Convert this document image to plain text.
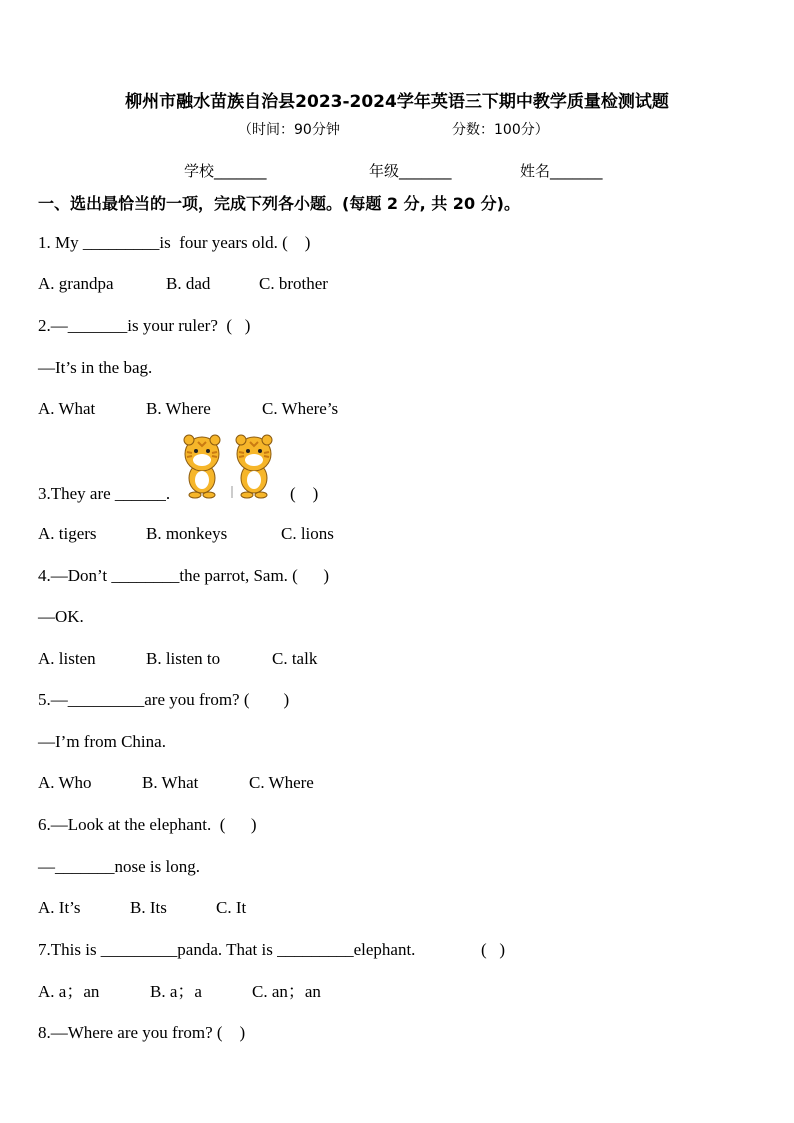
柳州市融水苗族自治县2023-2024学年英语三下期中教学质量检测试题
（时间：90分钟	分数：100分）
学校_______	年级_______	姓名_______
一、选出最恰当的一项，完成下列各小题。(每题 2 分, 共 20 分)。
1. My _________is  four years old. (    )
A. grandpa	B. dad	C. brother
2.—_______is your ruler?  (   )
—It’s in the bag.
A. What	B. Where	C. Where’s
3.They are ______.	(    )
A. tigers	B. monkeys	C. lions
4.—Don’t ________the parrot, Sam. (      )
—OK.
A. listen	B. listen to	C. talk
5.—_________are you from? (        )
—I’m from China.
A. Who	B. What	C. Where
6.—Look at the elephant.  (      )
—_______nose is long.
A. It’s	B. Its	C. It
7.This is _________panda. That is _________elephant.	(   )
A. a；an	B. a；a	C. an；an
8.—Where are you from? (    )
